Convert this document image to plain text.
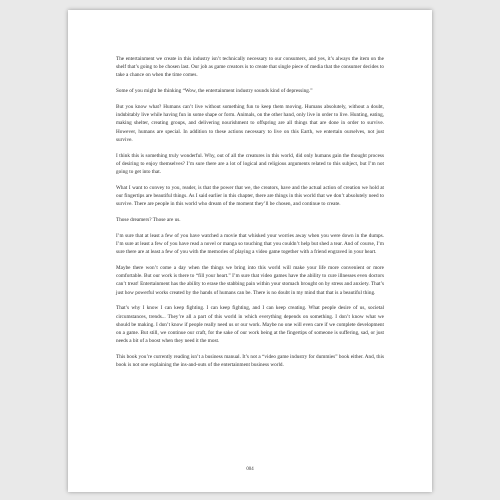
The entertainment we create in this industry isn’t technically necessary to our consumers, and yes, it’s always the item on the shelf that’s going to be chosen last. Our job as game creators is to create that single piece of media that the consumer decides to take a chance on when the time comes.

Some of you might be thinking “Wow, the entertainment industry sounds kind of depressing.”

But you know what? Humans can’t live without something fun to keep them moving. Humans absolutely, without a doubt, indubitably live while having fun in some shape or form. Animals, on the other hand, only live in order to live. Hunting, eating, making shelter, creating groups, and delivering nourishment to offspring are all things that are done in order to survive. However, humans are special. In addition to these actions necessary to live on this Earth, we entertain ourselves, not just survive.

I think this is something truly wonderful. Why, out of all the creatures in this world, did only humans gain the thought process of desiring to enjoy themselves? I’m sure there are a lot of logical and religious arguments related to this subject, but I’m not going to get into that.

What I want to convey to you, reader, is that the power that we, the creators, have and the actual action of creation we hold at our fingertips are beautiful things. As I said earlier in this chapter, there are things in this world that we don’t absolutely need to survive. There are people in this world who dream of the moment they’ll be chosen, and continue to create.

Those dreamers? Those are us.

I’m sure that at least a few of you have watched a movie that whisked your worries away when you were down in the dumps. I’m sure at least a few of you have read a novel or manga so touching that you couldn’t help but shed a tear. And of course, I’m sure there are at least a few of you with the memories of playing a video game together with a friend engraved in your heart.

Maybe there won’t come a day when the things we bring into this world will make your life more convenient or more comfortable. But our work is there to “fill your heart.” I’m sure that video games have the ability to cure illnesses even doctors can’t treat! Entertainment has the ability to erase the stabbing pain within your stomach brought on by stress and anxiety. That’s just how powerful works created by the hands of humans can be. There is no doubt in my mind that that is a beautiful thing.

That’s why I know I can keep fighting. I can keep fighting, and I can keep creating. What people desire of us, societal circumstances, trends... They’re all a part of this world in which everything depends on something. I don’t know what we should be making. I don’t know if people really need us or our work. Maybe no one will even care if we complete development on a game. But still, we continue our craft, for the sake of our work being at the fingertips of someone is suffering, sad, or just needs a bit of a boost when they need it the most.

This book you’re currently reading isn’t a business manual. It’s not a “video game industry for dummies” book either. And, this book is not one explaining the ins-and-outs of the entertainment business world.

004
